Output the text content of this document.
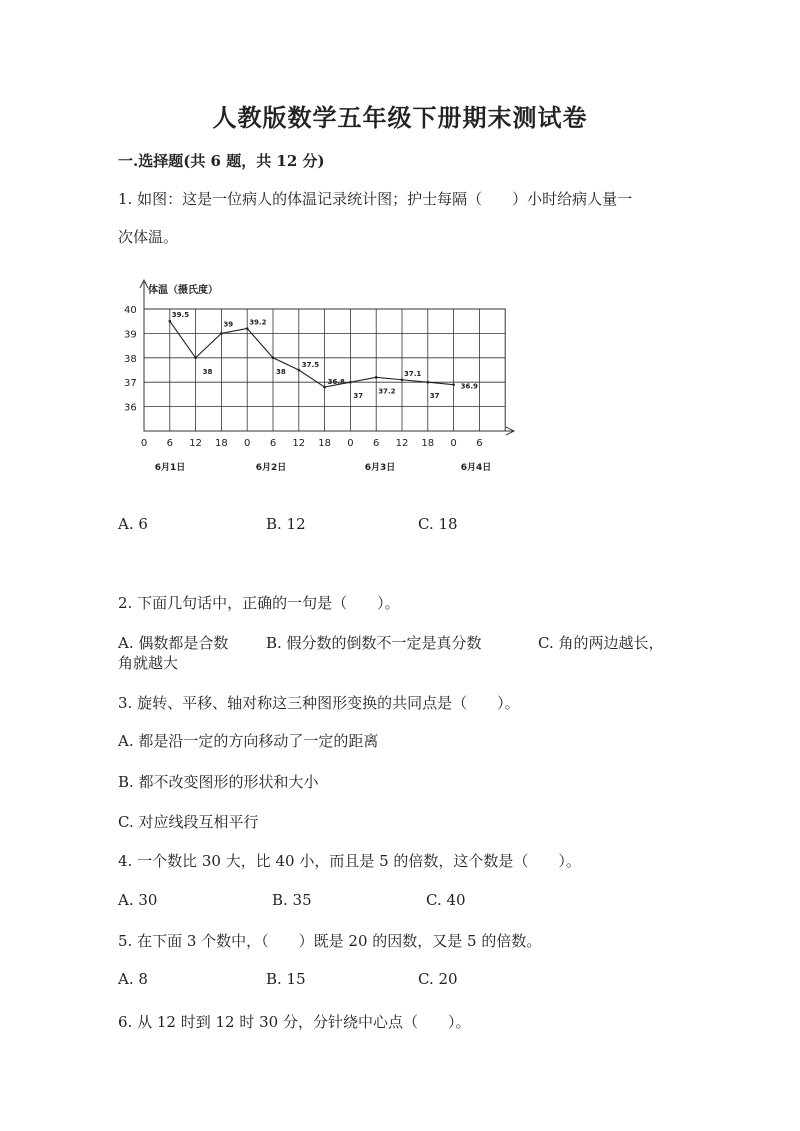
人教版数学五年级下册期末测试卷
一.选择题(共 6 题，共 12 分)
1. 如图：这是一位病人的体温记录统计图；护士每隔（　　）小时给病人量一
次体温。
体温（摄氏度）
40
39
38
37
36
0 6 12 18 0 6 12 18 0 6 12 18 0 6
6月1日	6月2日	6月3日	6月4日
39.5
38
39 39.2
38
37.5
36.8
37
37.2
37.1
37
36.9
A. 6	B. 12	C. 18
2. 下面几句话中，正确的一句是（　　）。
A. 偶数都是合数	B. 假分数的倒数不一定是真分数	C. 角的两边越长，
角就越大
3. 旋转、平移、轴对称这三种图形变换的共同点是（　　）。
A. 都是沿一定的方向移动了一定的距离
B. 都不改变图形的形状和大小
C. 对应线段互相平行
4. 一个数比 30 大，比 40 小，而且是 5 的倍数，这个数是（　　）。
A. 30	B. 35	C. 40
5. 在下面 3 个数中，（　　）既是 20 的因数，又是 5 的倍数。
A. 8	B. 15	C. 20
6. 从 12 时到 12 时 30 分，分针绕中心点（　　）。
